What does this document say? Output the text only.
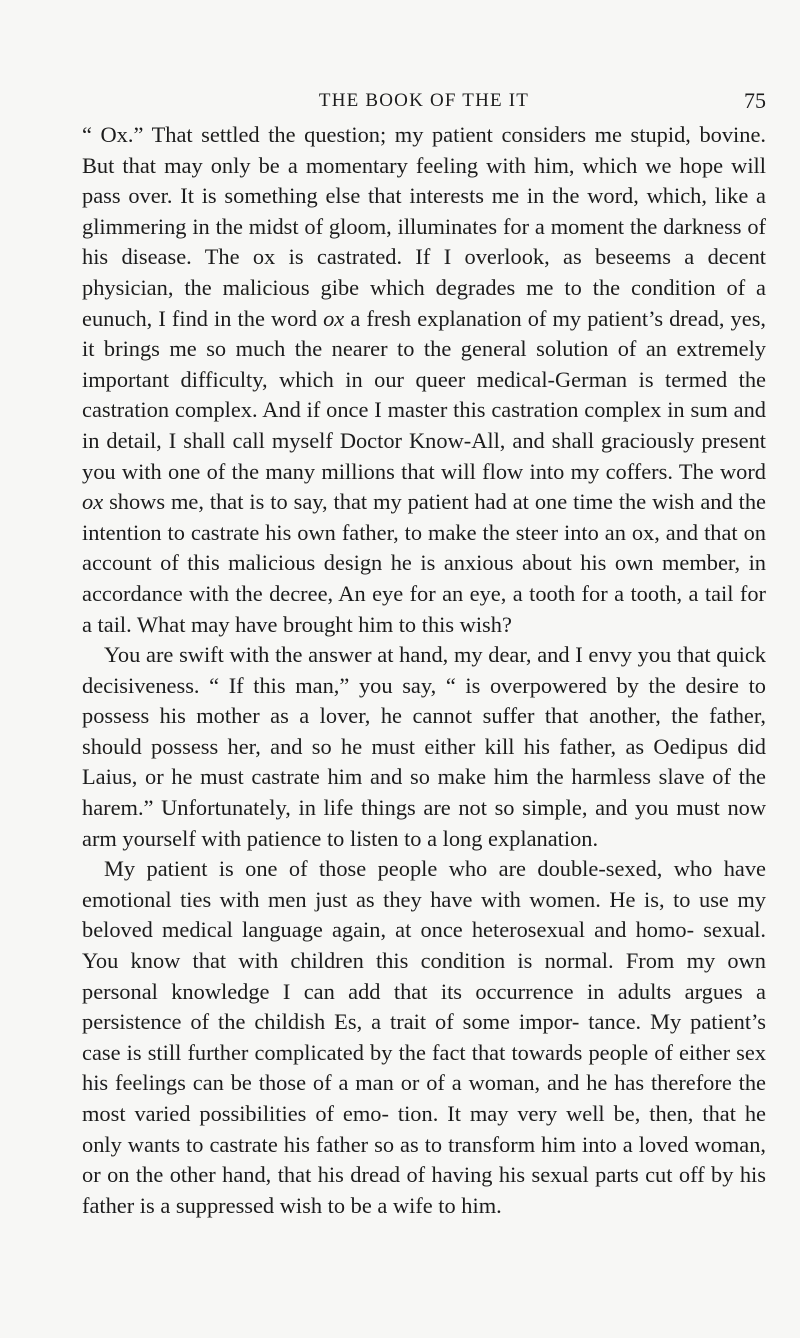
THE BOOK OF THE IT	75

“ Ox.” That settled the question; my patient considers me stupid, bovine. But that may only be a momentary feeling with him, which we hope will pass over. It is something else that interests me in the word, which, like a glimmering in the midst of gloom, illuminates for a moment the darkness of his disease. The ox is castrated. If I overlook, as beseems a decent physician, the malicious gibe which degrades me to the condition of a eunuch, I find in the word ox a fresh explanation of my patient’s dread, yes, it brings me so much the nearer to the general solution of an extremely important difficulty, which in our queer medical-German is termed the castration complex. And if once I master this castration complex in sum and in detail, I shall call myself Doctor Know-All, and shall graciously present you with one of the many millions that will flow into my coffers. The word ox shows me, that is to say, that my patient had at one time the wish and the intention to castrate his own father, to make the steer into an ox, and that on account of this malicious design he is anxious about his own member, in accordance with the decree, An eye for an eye, a tooth for a tooth, a tail for a tail. What may have brought him to this wish?

You are swift with the answer at hand, my dear, and I envy you that quick decisiveness. “ If this man,” you say, “ is overpowered by the desire to possess his mother as a lover, he cannot suffer that another, the father, should possess her, and so he must either kill his father, as Oedipus did Laius, or he must castrate him and so make him the harmless slave of the harem.” Unfortunately, in life things are not so simple, and you must now arm yourself with patience to listen to a long explanation.

My patient is one of those people who are double-sexed, who have emotional ties with men just as they have with women. He is, to use my beloved medical language again, at once heterosexual and homo- sexual. You know that with children this condition is normal. From my own personal knowledge I can add that its occurrence in adults argues a persistence of the childish Es, a trait of some impor- tance. My patient’s case is still further complicated by the fact that towards people of either sex his feelings can be those of a man or of a woman, and he has therefore the most varied possibilities of emo- tion. It may very well be, then, that he only wants to castrate his father so as to transform him into a loved woman, or on the other hand, that his dread of having his sexual parts cut off by his father is a suppressed wish to be a wife to him.
